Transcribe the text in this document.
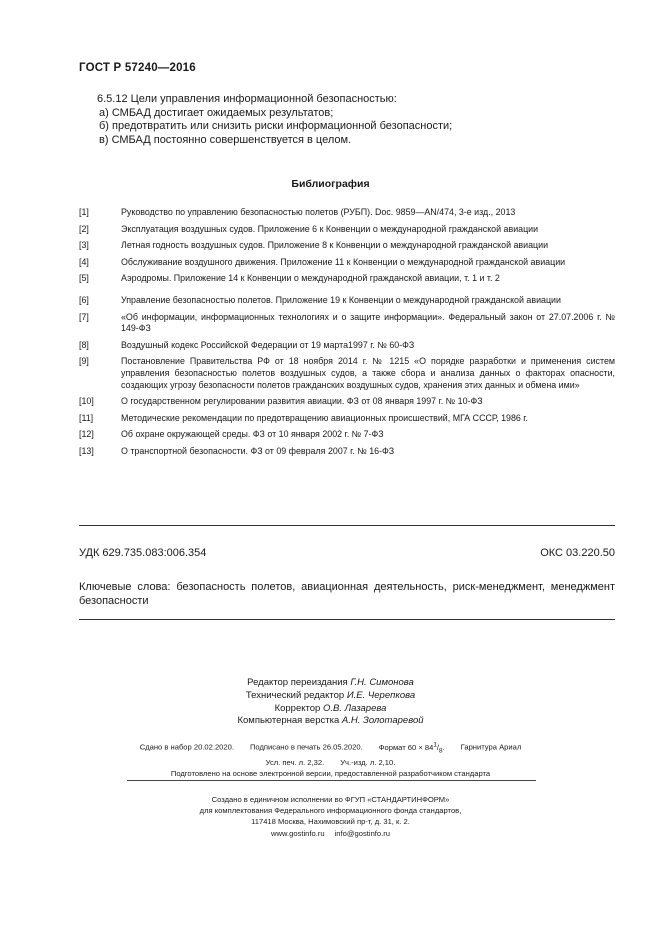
ГОСТ Р 57240—2016
6.5.12 Цели управления информационной безопасностью:
а) СМБАД достигает ожидаемых результатов;
б) предотвратить или снизить риски информационной безопасности;
в) СМБАД постоянно совершенствуется в целом.
Библиография
[1]	Руководство по управлению безопасностью полетов (РУБП). Doc. 9859—AN/474, 3-е изд., 2013
[2]	Эксплуатация воздушных судов. Приложение 6 к Конвенции о международной гражданской авиации
[3]	Летная годность воздушных судов. Приложение 8 к Конвенции о международной гражданской авиации
[4]	Обслуживание воздушного движения. Приложение 11 к Конвенции о международной гражданской авиации
[5]	Аэродромы. Приложение 14 к Конвенции о международной гражданской авиации, т. 1 и т. 2
[6]	Управление безопасностью полетов. Приложение 19 к Конвенции о международной гражданской авиации
[7]	«Об информации, информационных технологиях и о защите информации». Федеральный закон от 27.07.2006 г. № 149-ФЗ
[8]	Воздушный кодекс Российской Федерации от 19 марта1997 г. № 60-ФЗ
[9]	Постановление Правительства РФ от 18 ноября 2014 г. № 1215 «О порядке разработки и применения систем управления безопасностью полетов воздушных судов, а также сбора и анализа данных о факторах опасности, создающих угрозу безопасности полетов гражданских воздушных судов, хранения этих данных и обмена ими»
[10]	О государственном регулировании развития авиации. ФЗ от 08 января 1997 г. № 10-ФЗ
[11]	Методические рекомендации по предотвращению авиационных происшествий, МГА СССР, 1986 г.
[12]	Об охране окружающей среды. ФЗ от 10 января 2002 г. № 7-ФЗ
[13]	О транспортной безопасности. ФЗ от 09 февраля 2007 г. № 16-ФЗ
УДК 629.735.083:006.354	ОКС 03.220.50
Ключевые слова: безопасность полетов, авиационная деятельность, риск-менеджмент, менеджмент безопасности
Редактор переиздания Г.Н. Симонова
Технический редактор И.Е. Черепкова
Корректор О.В. Лазарева
Компьютерная верстка А.Н. Золотаревой
Сдано в набор 20.02.2020. Подписано в печать 26.05.2020. Формат $60 \times 84^1/_8$. Гарнитура Ариал
Усл. печ. л. 2,32. Уч.-изд. л. 2,10.
Подготовлено на основе электронной версии, предоставленной разработчиком стандарта
Создано в единичном исполнении во ФГУП «СТАНДАРТИНФОРМ»
для комплектования Федерального информационного фонда стандартов,
117418 Москва, Нахимовский пр-т, д. 31, к. 2.
www.gostinfo.ru info@gostinfo.ru
